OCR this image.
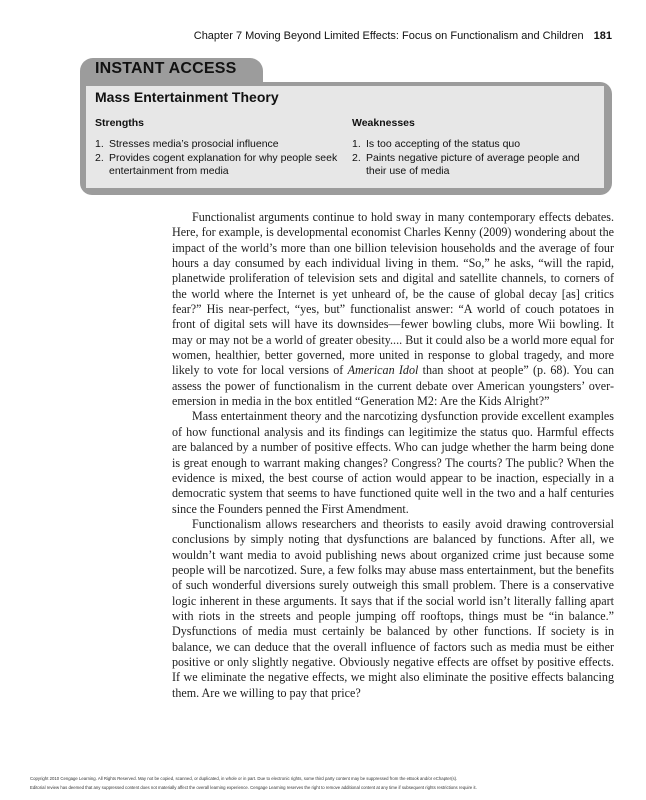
Chapter 7 Moving Beyond Limited Effects: Focus on Functionalism and Children 181
INSTANT ACCESS
Mass Entertainment Theory
Strengths
1. Stresses media’s prosocial influence
2. Provides cogent explanation for why people seek entertainment from media
Weaknesses
1. Is too accepting of the status quo
2. Paints negative picture of average people and their use of media

Functionalist arguments continue to hold sway in many contemporary effects debates. Here, for example, is developmental economist Charles Kenny (2009) wondering about the impact of the world’s more than one billion television households and the average of four hours a day consumed by each individual living in them. “So,” he asks, “will the rapid, planetwide proliferation of television sets and digital and satellite channels, to corners of the world where the Internet is yet unheard of, be the cause of global decay [as] critics fear?” His near-perfect, “yes, but” functionalist answer: “A world of couch potatoes in front of digital sets will have its downsides—fewer bowling clubs, more Wii bowling. It may or may not be a world of greater obesity.... But it could also be a world more equal for women, healthier, better governed, more united in response to global tragedy, and more likely to vote for local versions of American Idol than shoot at people” (p. 68). You can assess the power of functionalism in the current debate over American youngsters’ over-emersion in media in the box entitled “Generation M2: Are the Kids Alright?”

Mass entertainment theory and the narcotizing dysfunction provide excellent examples of how functional analysis and its findings can legitimize the status quo. Harmful effects are balanced by a number of positive effects. Who can judge whether the harm being done is great enough to warrant making changes? Congress? The courts? The public? When the evidence is mixed, the best course of action would appear to be inaction, especially in a democratic system that seems to have functioned quite well in the two and a half centuries since the Founders penned the First Amendment.

Functionalism allows researchers and theorists to easily avoid drawing controversial conclusions by simply noting that dysfunctions are balanced by functions. After all, we wouldn’t want media to avoid publishing news about organized crime just because some people will be narcotized. Sure, a few folks may abuse mass entertainment, but the benefits of such wonderful diversions surely outweigh this small problem. There is a conservative logic inherent in these arguments. It says that if the social world isn’t literally falling apart with riots in the streets and people jumping off rooftops, things must be “in balance.” Dysfunctions of media must certainly be balanced by other functions. If society is in balance, we can deduce that the overall influence of factors such as media must be either positive or only slightly negative. Obviously negative effects are offset by positive effects. If we eliminate the negative effects, we might also eliminate the positive effects balancing them. Are we willing to pay that price?

Copyright 2010 Cengage Learning. All Rights Reserved. May not be copied, scanned, or duplicated, in whole or in part. Due to electronic rights, some third party content may be suppressed from the eBook and/or eChapter(s).
Editorial review has deemed that any suppressed content does not materially affect the overall learning experience. Cengage Learning reserves the right to remove additional content at any time if subsequent rights restrictions require it.
